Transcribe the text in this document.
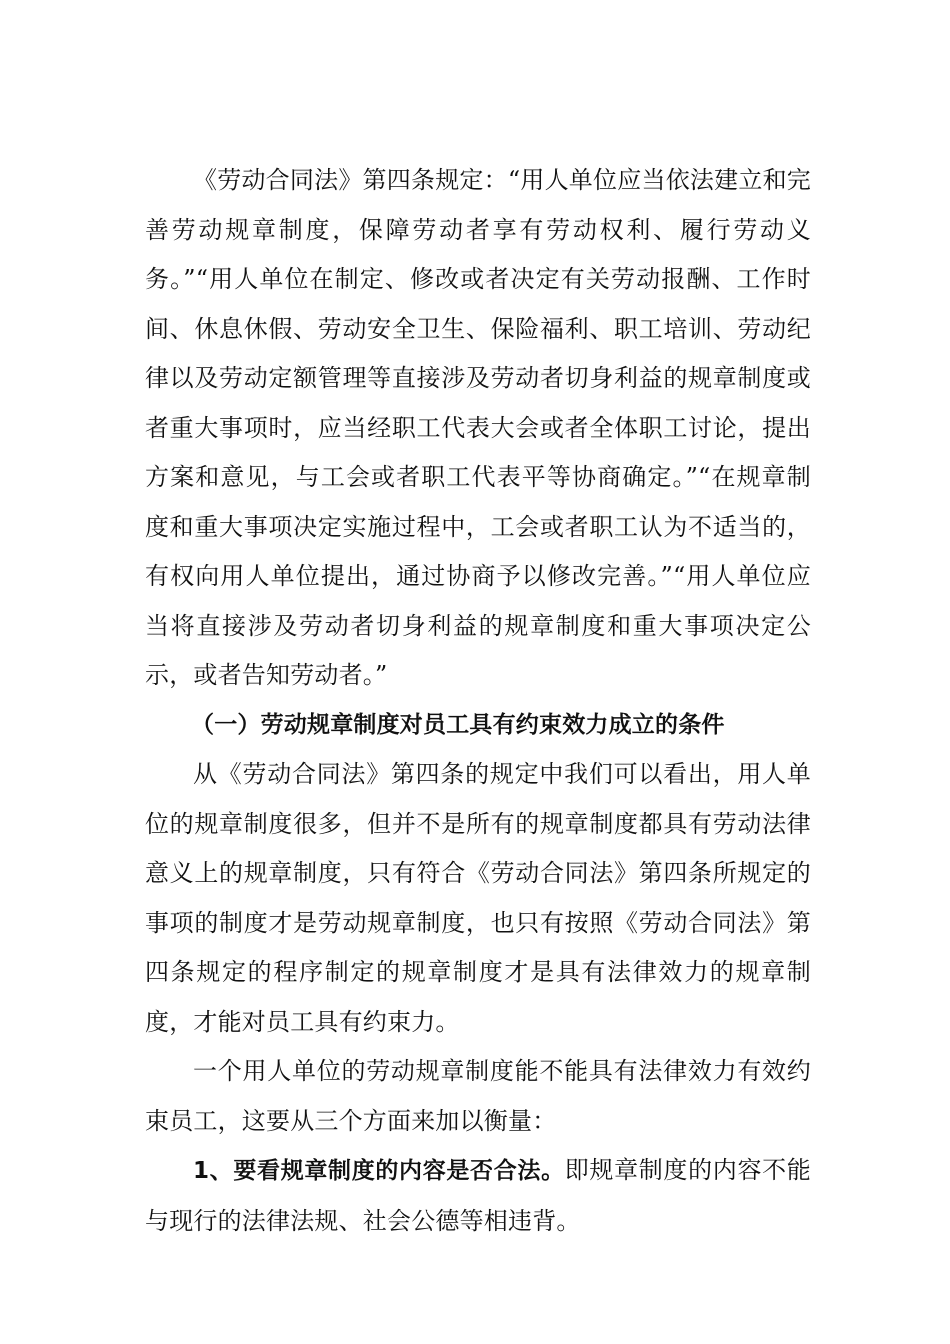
《劳动合同法》第四条规定：“用人单位应当依法建立和完善劳动规章制度，保障劳动者享有劳动权利、履行劳动义务。”“用人单位在制定、修改或者决定有关劳动报酬、工作时间、休息休假、劳动安全卫生、保险福利、职工培训、劳动纪律以及劳动定额管理等直接涉及劳动者切身利益的规章制度或者重大事项时，应当经职工代表大会或者全体职工讨论，提出方案和意见，与工会或者职工代表平等协商确定。”“在规章制度和重大事项决定实施过程中，工会或者职工认为不适当的，有权向用人单位提出，通过协商予以修改完善。”“用人单位应当将直接涉及劳动者切身利益的规章制度和重大事项决定公示，或者告知劳动者。”

（一）劳动规章制度对员工具有约束效力成立的条件

从《劳动合同法》第四条的规定中我们可以看出，用人单位的规章制度很多，但并不是所有的规章制度都具有劳动法律意义上的规章制度，只有符合《劳动合同法》第四条所规定的事项的制度才是劳动规章制度，也只有按照《劳动合同法》第四条规定的程序制定的规章制度才是具有法律效力的规章制度，才能对员工具有约束力。

一个用人单位的劳动规章制度能不能具有法律效力有效约束员工，这要从三个方面来加以衡量：

1、要看规章制度的内容是否合法。即规章制度的内容不能与现行的法律法规、社会公德等相违背。
